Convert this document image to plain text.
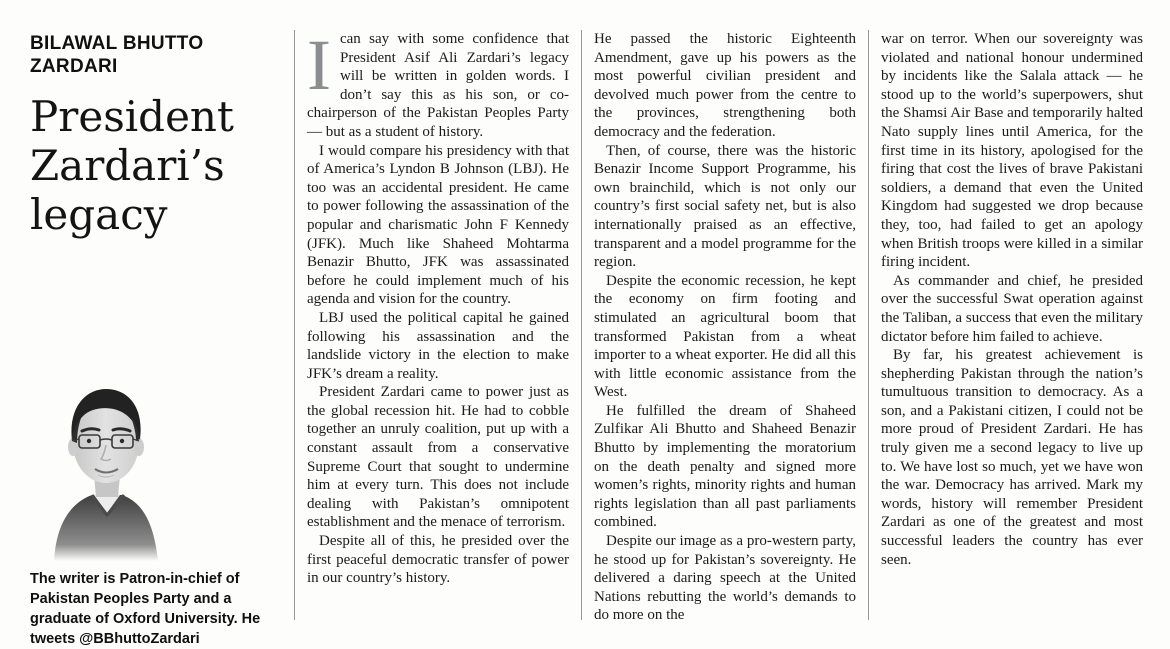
BILAWAL BHUTTO ZARDARI
President Zardari’s legacy

The writer is Patron-in-chief of Pakistan Peoples Party and a graduate of Oxford University. He tweets @BBhuttoZardari

Ican say with some confidence that President Asif Ali Zardari’s legacy will be written in golden words. I don’t say this as his son, or co-chairperson of the Pakistan Peoples Party — but as a student of history.

I would compare his presidency with that of America’s Lyndon B Johnson (LBJ). He too was an accidental president. He came to power following the assassination of the popular and charismatic John F Kennedy (JFK). Much like Shaheed Mohtarma Benazir Bhutto, JFK was assassinated before he could implement much of his agenda and vision for the country.

LBJ used the political capital he gained following his assassination and the landslide victory in the election to make JFK’s dream a reality.

President Zardari came to power just as the global recession hit. He had to cobble together an unruly coalition, put up with a constant assault from a conservative Supreme Court that sought to undermine him at every turn. This does not include dealing with Pakistan’s omnipotent establishment and the menace of terrorism.

Despite all of this, he presided over the first peaceful democratic transfer of power in our country’s history.

He passed the historic Eighteenth Amendment, gave up his powers as the most powerful civilian president and devolved much power from the centre to the provinces, strengthening both democracy and the federation.

Then, of course, there was the historic Benazir Income Support Programme, his own brainchild, which is not only our country’s first social safety net, but is also internationally praised as an effective, transparent and a model programme for the region.

Despite the economic recession, he kept the economy on firm footing and stimulated an agricultural boom that transformed Pakistan from a wheat importer to a wheat exporter. He did all this with little economic assistance from the West.

He fulfilled the dream of Shaheed Zulfikar Ali Bhutto and Shaheed Benazir Bhutto by implementing the moratorium on the death penalty and signed more women’s rights, minority rights and human rights legislation than all past parliaments combined.

Despite our image as a pro-western party, he stood up for Pakistan’s sovereignty. He delivered a daring speech at the United Nations rebutting the world’s demands to do more on the

war on terror. When our sovereignty was violated and national honour undermined by incidents like the Salala attack — he stood up to the world’s superpowers, shut the Shamsi Air Base and temporarily halted Nato supply lines until America, for the first time in its history, apologised for the firing that cost the lives of brave Pakistani soldiers, a demand that even the United Kingdom had suggested we drop because they, too, had failed to get an apology when British troops were killed in a similar firing incident.

As commander and chief, he presided over the successful Swat operation against the Taliban, a success that even the military dictator before him failed to achieve.

By far, his greatest achievement is shepherding Pakistan through the nation’s tumultuous transition to democracy. As a son, and a Pakistani citizen, I could not be more proud of President Zardari. He has truly given me a second legacy to live up to. We have lost so much, yet we have won the war. Democracy has arrived. Mark my words, history will remember President Zardari as one of the greatest and most successful leaders the country has ever seen.
